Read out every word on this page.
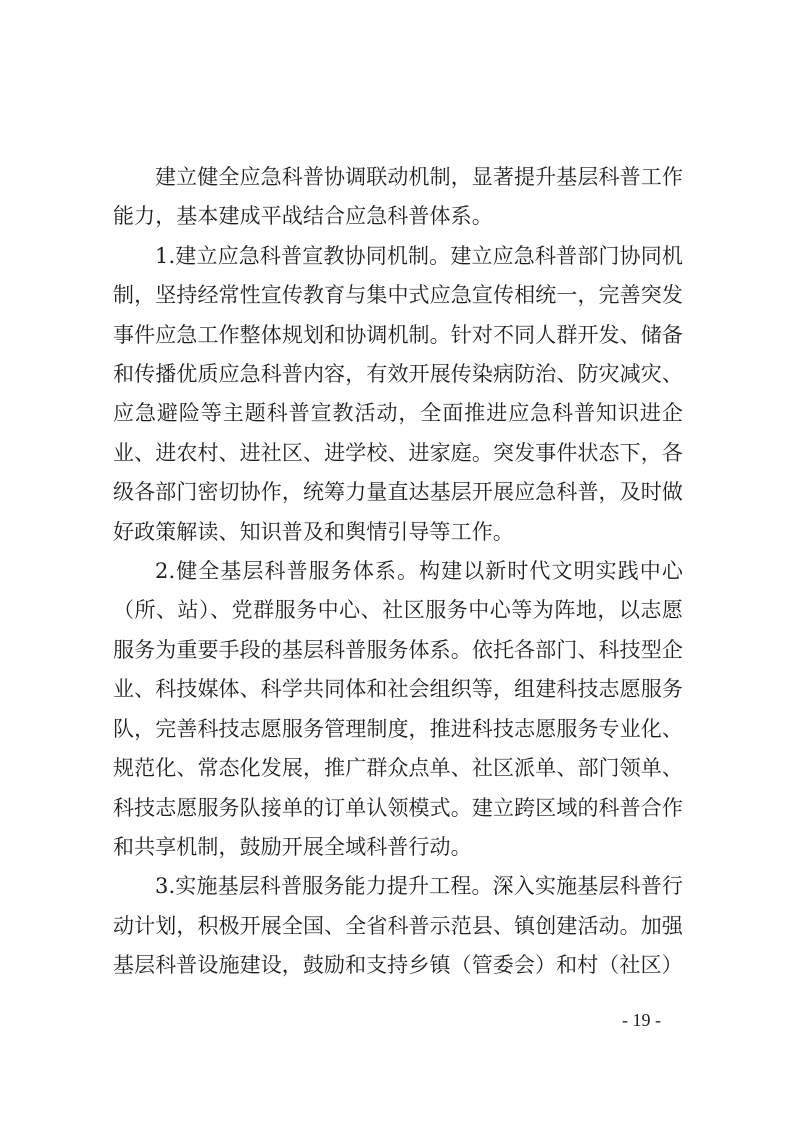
建立健全应急科普协调联动机制，显著提升基层科普工作能力，基本建成平战结合应急科普体系。

1.建立应急科普宣教协同机制。建立应急科普部门协同机制，坚持经常性宣传教育与集中式应急宣传相统一，完善突发事件应急工作整体规划和协调机制。针对不同人群开发、储备和传播优质应急科普内容，有效开展传染病防治、防灾减灾、应急避险等主题科普宣教活动，全面推进应急科普知识进企业、进农村、进社区、进学校、进家庭。突发事件状态下，各级各部门密切协作，统筹力量直达基层开展应急科普，及时做好政策解读、知识普及和舆情引导等工作。

2.健全基层科普服务体系。构建以新时代文明实践中心（所、站）、党群服务中心、社区服务中心等为阵地，以志愿服务为重要手段的基层科普服务体系。依托各部门、科技型企业、科技媒体、科学共同体和社会组织等，组建科技志愿服务队，完善科技志愿服务管理制度，推进科技志愿服务专业化、规范化、常态化发展，推广群众点单、社区派单、部门领单、科技志愿服务队接单的订单认领模式。建立跨区域的科普合作和共享机制，鼓励开展全域科普行动。

3.实施基层科普服务能力提升工程。深入实施基层科普行动计划，积极开展全国、全省科普示范县、镇创建活动。加强基层科普设施建设，鼓励和支持乡镇（管委会）和村（社区）

- 19 -
